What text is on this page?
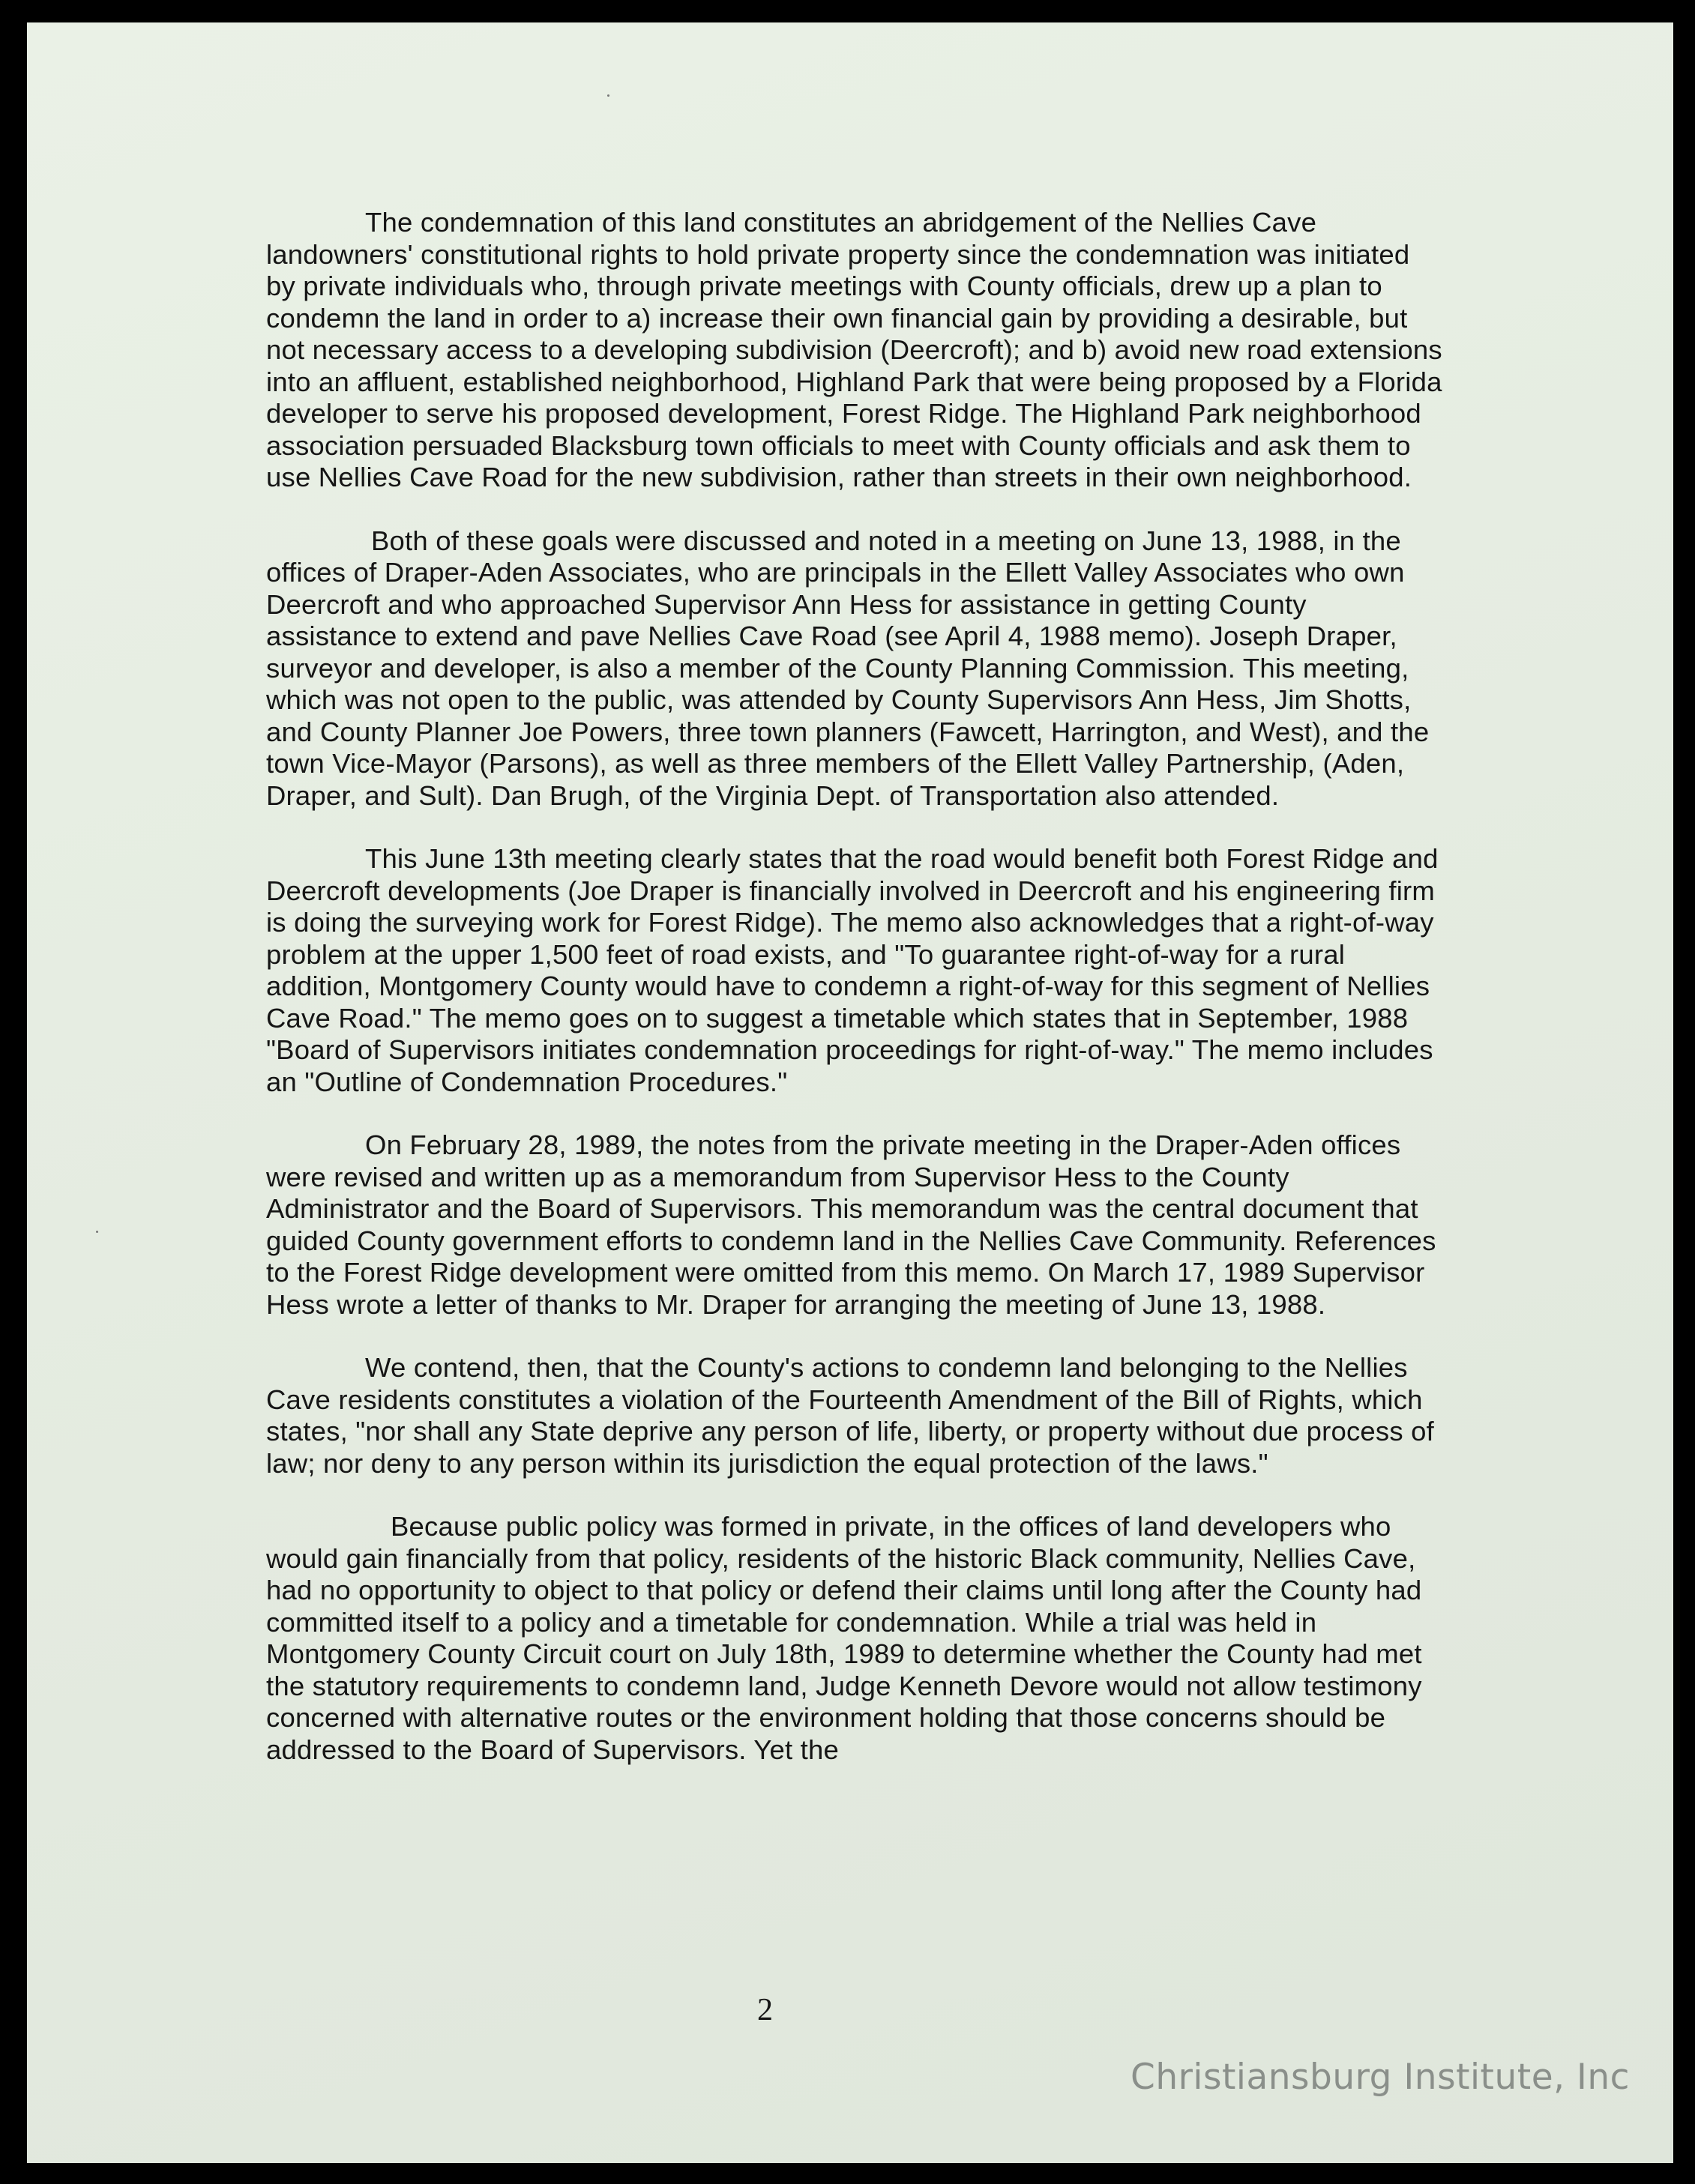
The condemnation of this land constitutes an abridgement of the Nellies Cave landowners' constitutional rights to hold private property since the condemnation was initiated by private individuals who, through private meetings with County officials, drew up a plan to condemn the land in order to a) increase their own financial gain by providing a desirable, but not necessary access to a developing subdivision (Deercroft); and b) avoid new road extensions into an affluent, established neighborhood, Highland Park that were being proposed by a Florida developer to serve his proposed development, Forest Ridge. The Highland Park neighborhood association persuaded Blacksburg town officials to meet with County officials and ask them to use Nellies Cave Road for the new subdivision, rather than streets in their own neighborhood.

Both of these goals were discussed and noted in a meeting on June 13, 1988, in the offices of Draper-Aden Associates, who are principals in the Ellett Valley Associates who own Deercroft and who approached Supervisor Ann Hess for assistance in getting County assistance to extend and pave Nellies Cave Road (see April 4, 1988 memo). Joseph Draper, surveyor and developer, is also a member of the County Planning Commission. This meeting, which was not open to the public, was attended by County Supervisors Ann Hess, Jim Shotts, and County Planner Joe Powers, three town planners (Fawcett, Harrington, and West), and the town Vice-Mayor (Parsons), as well as three members of the Ellett Valley Partnership, (Aden, Draper, and Sult). Dan Brugh, of the Virginia Dept. of Transportation also attended.

This June 13th meeting clearly states that the road would benefit both Forest Ridge and Deercroft developments (Joe Draper is financially involved in Deercroft and his engineering firm is doing the surveying work for Forest Ridge). The memo also acknowledges that a right-of-way problem at the upper 1,500 feet of road exists, and "To guarantee right-of-way for a rural addition, Montgomery County would have to condemn a right-of-way for this segment of Nellies Cave Road." The memo goes on to suggest a timetable which states that in September, 1988 "Board of Supervisors initiates condemnation proceedings for right-of-way." The memo includes an "Outline of Condemnation Procedures."

On February 28, 1989, the notes from the private meeting in the Draper-Aden offices were revised and written up as a memorandum from Supervisor Hess to the County Administrator and the Board of Supervisors. This memorandum was the central document that guided County government efforts to condemn land in the Nellies Cave Community. References to the Forest Ridge development were omitted from this memo. On March 17, 1989 Supervisor Hess wrote a letter of thanks to Mr. Draper for arranging the meeting of June 13, 1988.

We contend, then, that the County's actions to condemn land belonging to the Nellies Cave residents constitutes a violation of the Fourteenth Amendment of the Bill of Rights, which states, "nor shall any State deprive any person of life, liberty, or property without due process of law; nor deny to any person within its jurisdiction the equal protection of the laws."

Because public policy was formed in private, in the offices of land developers who would gain financially from that policy, residents of the historic Black community, Nellies Cave, had no opportunity to object to that policy or defend their claims until long after the County had committed itself to a policy and a timetable for condemnation. While a trial was held in Montgomery County Circuit court on July 18th, 1989 to determine whether the County had met the statutory requirements to condemn land, Judge Kenneth Devore would not allow testimony concerned with alternative routes or the environment holding that those concerns should be addressed to the Board of Supervisors. Yet the

2
Christiansburg Institute, Inc
